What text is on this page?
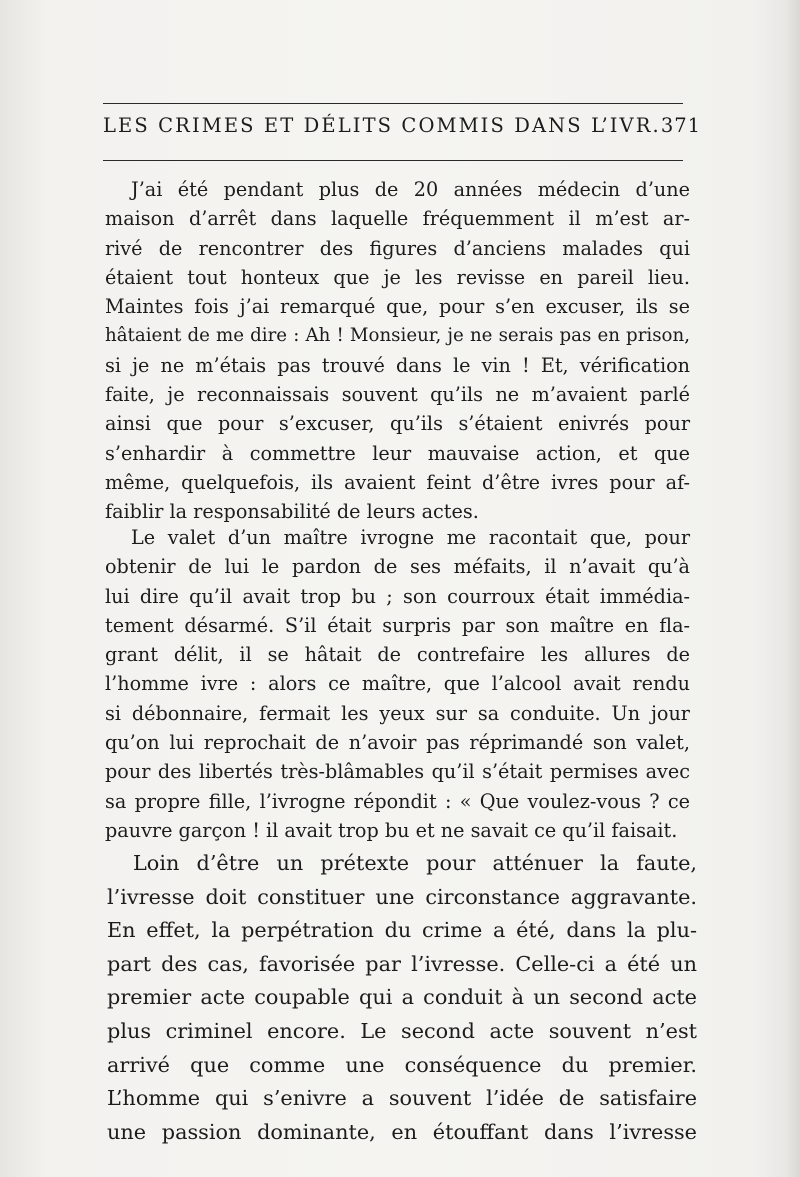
LES CRIMES ET DÉLITS COMMIS DANS L’IVR. 371
J’ai été pendant plus de 20 années médecin d’une
maison d’arrêt dans laquelle fréquemment il m’est ar-
rivé de rencontrer des figures d’anciens malades qui
étaient tout honteux que je les revisse en pareil lieu.
Maintes fois j’ai remarqué que, pour s’en excuser, ils se
hâtaient de me dire : Ah ! Monsieur, je ne serais pas en prison,
si je ne m’étais pas trouvé dans le vin ! Et, vérification
faite, je reconnaissais souvent qu’ils ne m’avaient parlé
ainsi que pour s’excuser, qu’ils s’étaient enivrés pour
s’enhardir à commettre leur mauvaise action, et que
même, quelquefois, ils avaient feint d’être ivres pour af-
faiblir la responsabilité de leurs actes.
Le valet d’un maître ivrogne me racontait que, pour
obtenir de lui le pardon de ses méfaits, il n’avait qu’à
lui dire qu’il avait trop bu ; son courroux était immédia-
tement désarmé. S’il était surpris par son maître en fla-
grant délit, il se hâtait de contrefaire les allures de
l’homme ivre : alors ce maître, que l’alcool avait rendu
si débonnaire, fermait les yeux sur sa conduite. Un jour
qu’on lui reprochait de n’avoir pas réprimandé son valet,
pour des libertés très-blâmables qu’il s’était permises avec
sa propre fille, l’ivrogne répondit : « Que voulez-vous ? ce
pauvre garçon ! il avait trop bu et ne savait ce qu’il faisait.
Loin d’être un prétexte pour atténuer la faute,
l’ivresse doit constituer une circonstance aggravante.
En effet, la perpétration du crime a été, dans la plu-
part des cas, favorisée par l’ivresse. Celle-ci a été un
premier acte coupable qui a conduit à un second acte
plus criminel encore. Le second acte souvent n’est
arrivé que comme une conséquence du premier.
L’homme qui s’enivre a souvent l’idée de satisfaire
une passion dominante, en étouffant dans l’ivresse
